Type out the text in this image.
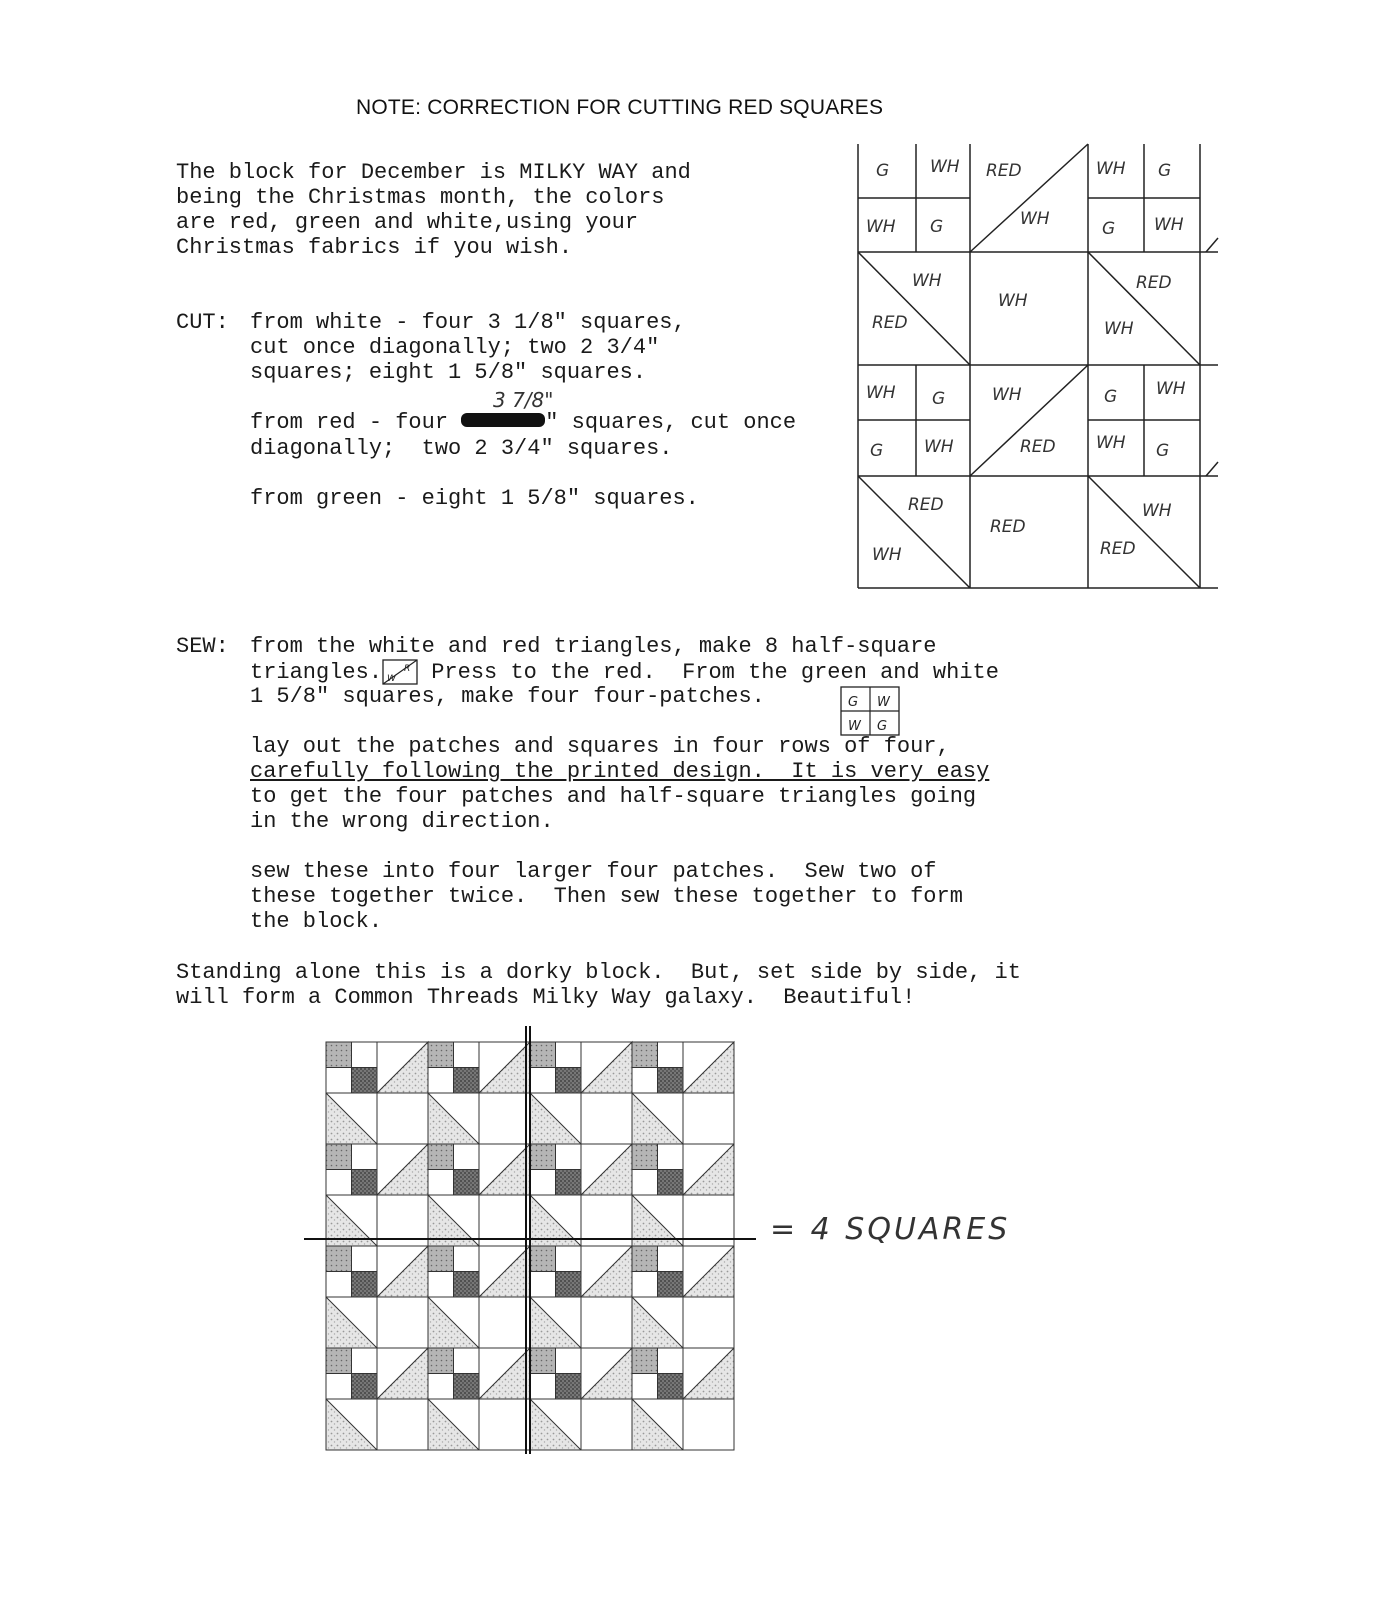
NOTE: CORRECTION FOR CUTTING RED SQUARES
The block for December is MILKY WAY and
being the Christmas month, the colors
are red, green and white,using your
Christmas fabrics if you wish.
CUT: from white - four 3 1/8" squares,
cut once diagonally; two 2 3/4"
squares; eight 1 5/8" squares.
3 7/8"
from red - four	" squares, cut once
diagonally;  two 2 3/4" squares.
from green - eight 1 5/8" squares.
G WH
WH G
RED
WH
WH G
G WH
WH
RED
WH
RED
WH
WH G	WH
RED
G WH
G WH	WH G
RED
WH
RED
WH
RED
SEW: from the white and red triangles, make 8 half-square
triangles. W
R Press to the red.  From the green and white
1 5/8" squares, make four four-patches.	G W
W G
lay out the patches and squares in four rows of four,
carefully following the printed design.  It is very easy
to get the four patches and half-square triangles going
in the wrong direction.
sew these into four larger four patches.  Sew two of
these together twice.  Then sew these together to form
the block.
Standing alone this is a dorky block.  But, set side by side, it
will form a Common Threads Milky Way galaxy.  Beautiful!
= 4 SQUARES
